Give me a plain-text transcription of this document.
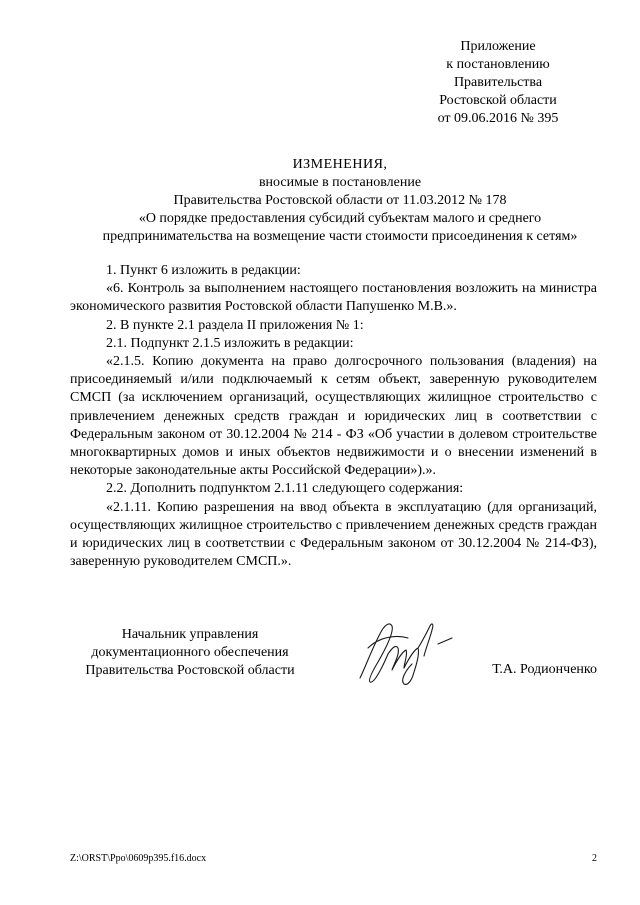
Приложение
к постановлению
Правительства
Ростовской области
от 09.06.2016 № 395
ИЗМЕНЕНИЯ,
вносимые в постановление
Правительства Ростовской области от 11.03.2012 № 178
«О порядке предоставления субсидий субъектам малого и среднего
предпринимательства на возмещение части стоимости присоединения к сетям»

1. Пункт 6 изложить в редакции:

«6. Контроль за выполнением настоящего постановления возложить на министра экономического развития Ростовской области Папушенко М.В.».

2. В пункте 2.1 раздела II приложения № 1:

2.1. Подпункт 2.1.5 изложить в редакции:

«2.1.5. Копию документа на право долгосрочного пользования (владения) на присоединяемый и/или подключаемый к сетям объект, заверенную руководителем СМСП (за исключением организаций, осуществляющих жилищное строительство с привлечением денежных средств граждан и юридических лиц в соответствии с Федеральным законом от 30.12.2004 № 214 - ФЗ «Об участии в долевом строительстве многоквартирных домов и иных объектов недвижимости и о внесении изменений в некоторые законодательные акты Российской Федерации»).».

2.2. Дополнить подпунктом 2.1.11 следующего содержания:

«2.1.11. Копию разрешения на ввод объекта в эксплуатацию (для организаций, осуществляющих жилищное строительство с привлечением денежных средств граждан и юридических лиц в соответствии с Федеральным законом от 30.12.2004 № 214-ФЗ), заверенную руководителем СМСП.».

Начальник управления
документационного обеспечения
Правительства Ростовской области	Т.А. Родионченко
Z:\ORST\Ppo\0609p395.f16.docx	2
